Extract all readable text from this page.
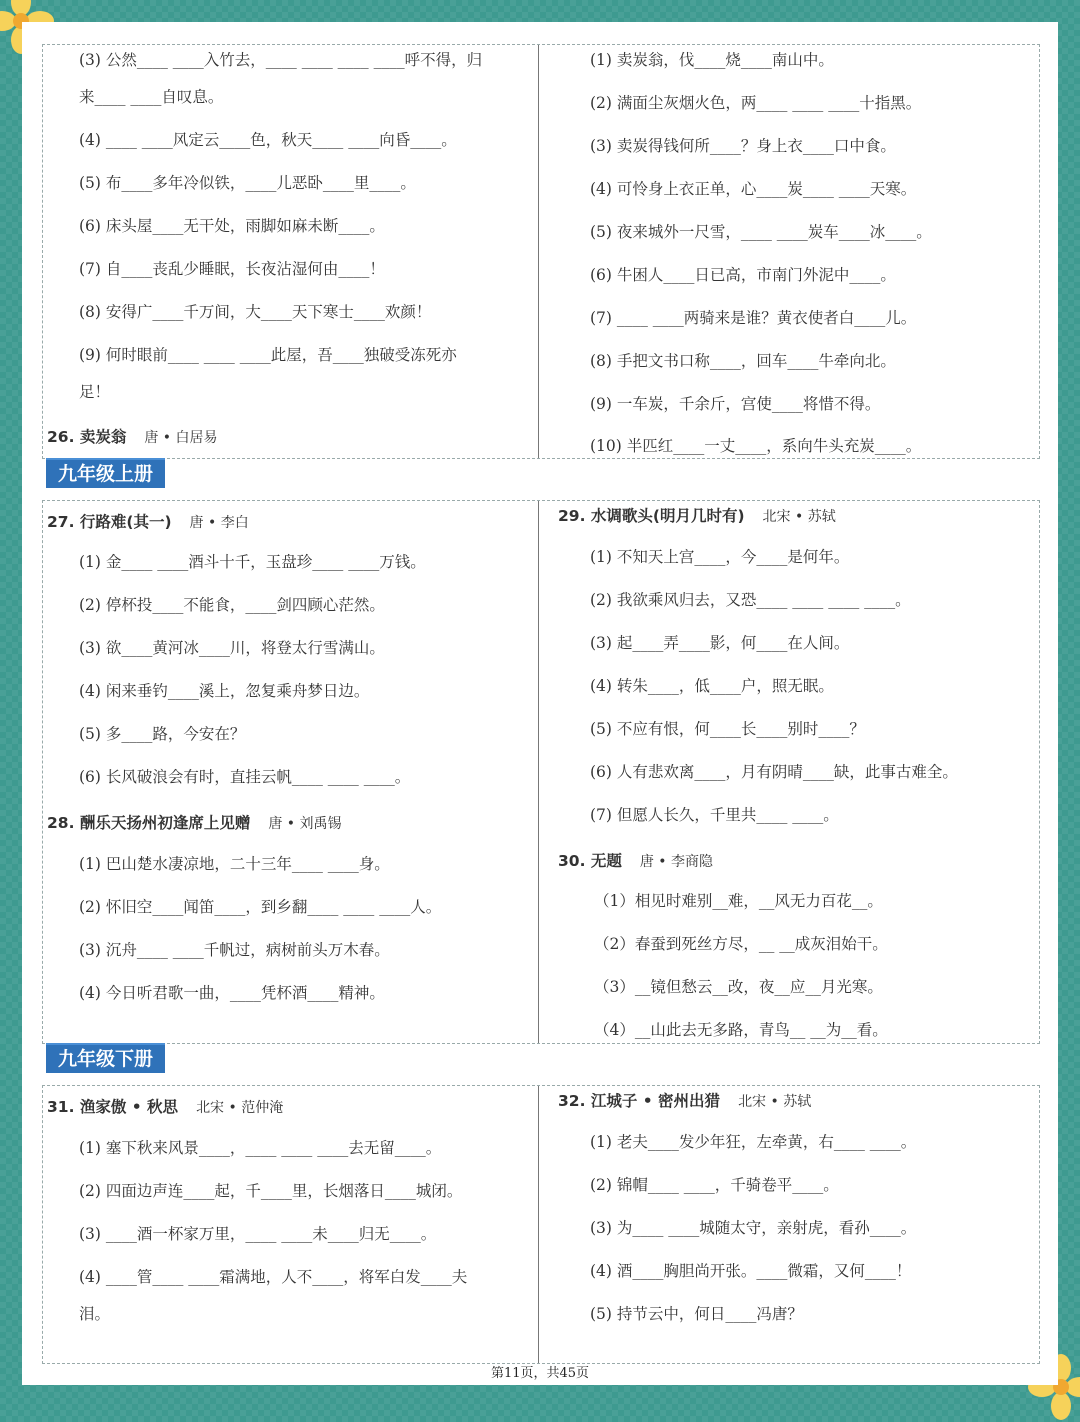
(3) 公然____ ____入竹去，____ ____ ____ ____呼不得，归
来____ ____自叹息。
(4) ____ ____风定云____色，秋天____ ____向昏____。
(5) 布____多年冷似铁，____儿恶卧____里____。
(6) 床头屋____无干处，雨脚如麻未断____。
(7) 自____丧乱少睡眠，长夜沾湿何由____！
(8) 安得广____千万间，大____天下寒士____欢颜！
(9) 何时眼前____ ____ ____此屋，吾____独破受冻死亦
足！
26. 卖炭翁 唐 • 白居易
(1) 卖炭翁，伐____烧____南山中。
(2) 满面尘灰烟火色，两____ ____ ____十指黑。
(3) 卖炭得钱何所____？身上衣____口中食。
(4) 可怜身上衣正单，心____炭____ ____天寒。
(5) 夜来城外一尺雪，____ ____炭车____冰____。
(6) 牛困人____日已高，市南门外泥中____。
(7) ____ ____两骑来是谁？黄衣使者白____儿。
(8) 手把文书口称____，回车____牛牵向北。
(9) 一车炭，千余斤，宫使____将惜不得。
(10) 半匹红____一丈____，系向牛头充炭____。
九年级上册
27. 行路难(其一) 唐 • 李白
(1) 金____ ____酒斗十千，玉盘珍____ ____万钱。
(2) 停杯投____不能食，____剑四顾心茫然。
(3) 欲____黄河冰____川，将登太行雪满山。
(4) 闲来垂钓____溪上，忽复乘舟梦日边。
(5) 多____路，今安在？
(6) 长风破浪会有时，直挂云帆____ ____ ____。
28. 酬乐天扬州初逢席上见赠 唐 • 刘禹锡
(1) 巴山楚水凄凉地，二十三年____ ____身。
(2) 怀旧空____闻笛____，到乡翻____ ____ ____人。
(3) 沉舟____ ____千帆过，病树前头万木春。
(4) 今日听君歌一曲，____凭杯酒____精神。
29. 水调歌头(明月几时有) 北宋 • 苏轼
(1) 不知天上宫____，今____是何年。
(2) 我欲乘风归去，又恐____ ____ ____ ____。
(3) 起____弄____影，何____在人间。
(4) 转朱____，低____户，照无眠。
(5) 不应有恨，何____长____别时____？
(6) 人有悲欢离____，月有阴晴____缺，此事古难全。
(7) 但愿人长久，千里共____ ____。
30. 无题 唐 • 李商隐
（1）相见时难别__难，__风无力百花__。
（2）春蚕到死丝方尽，__ __成灰泪始干。
（3）__镜但愁云__改，夜__应__月光寒。
（4）__山此去无多路，青鸟__ __为__看。
九年级下册
31. 渔家傲 • 秋思 北宋 • 范仲淹
(1) 塞下秋来风景____，____ ____ ____去无留____。
(2) 四面边声连____起，千____里，长烟落日____城闭。
(3) ____酒一杯家万里，____ ____未____归无____。
(4) ____管____ ____霜满地，人不____，将军白发____夫
泪。
32. 江城子 • 密州出猎 北宋 • 苏轼
(1) 老夫____发少年狂，左牵黄，右____ ____。
(2) 锦帽____ ____，千骑卷平____。
(3) 为____ ____城随太守，亲射虎，看孙____。
(4) 酒____胸胆尚开张。____微霜，又何____！
(5) 持节云中，何日____冯唐？
第11页，共45页
